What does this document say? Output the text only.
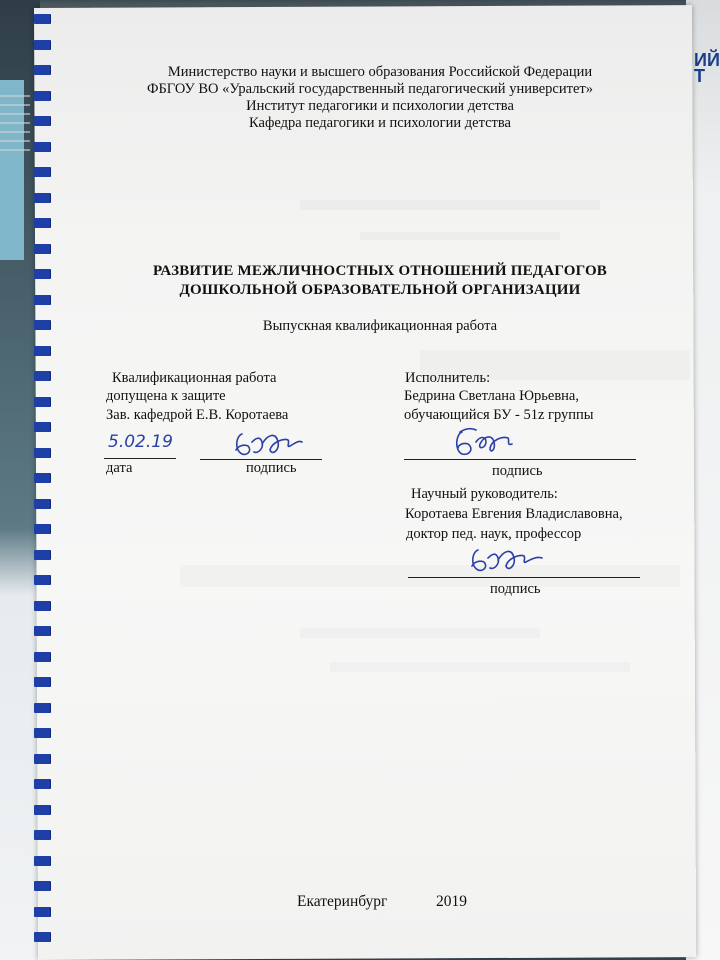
ИЙ
Т
Министерство науки и высшего образования Российской Федерации
ФБГОУ ВО «Уральский государственный педагогический университет»
Институт педагогики и психологии детства
Кафедра педагогики и психологии детства
РАЗВИТИЕ МЕЖЛИЧНОСТНЫХ ОТНОШЕНИЙ ПЕДАГОГОВ
ДОШКОЛЬНОЙ ОБРАЗОВАТЕЛЬНОЙ ОРГАНИЗАЦИИ
Выпускная квалификационная работа
Квалификационная работа
допущена к защите
Зав. кафедрой Е.В. Коротаева
5.02.19
дата	подпись
Исполнитель:
Бедрина Светлана Юрьевна,
обучающийся БУ - 51z группы
подпись
Научный руководитель:
Коротаева Евгения Владиславовна,
доктор пед. наук, профессор
подпись
Екатеринбург	2019
